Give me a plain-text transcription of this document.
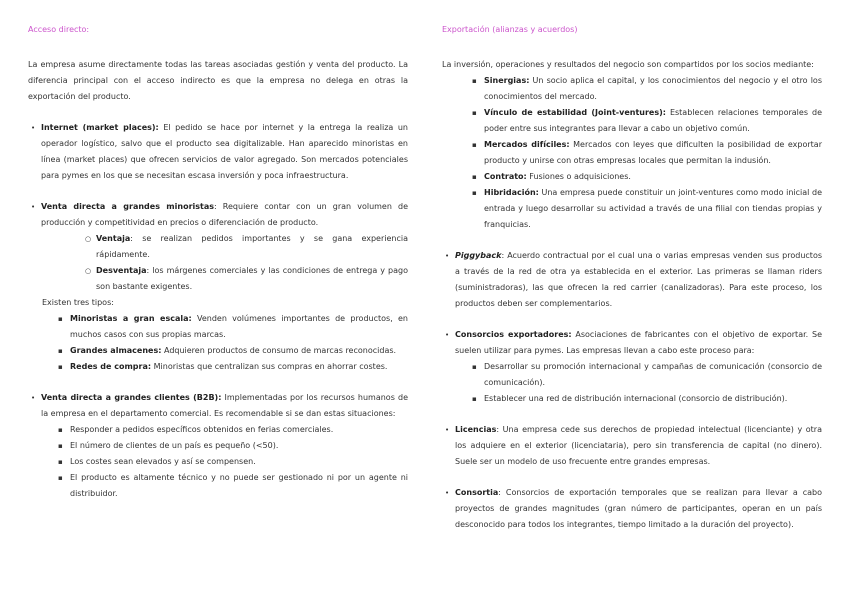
Acceso directo:

La empresa asume directamente todas las tareas asociadas gestión y venta del producto. La diferencia principal con el acceso indirecto es que la empresa no delega en otras la exportación del producto.

• Internet (market places): El pedido se hace por internet y la entrega la realiza un operador logístico, salvo que el producto sea digitalizable. Han aparecido minoristas en línea (market places) que ofrecen servicios de valor agregado. Son mercados potenciales para pymes en los que se necesitan escasa inversión y poca infraestructura.
• Venta directa a grandes minoristas: Requiere contar con un gran volumen de producción y competitividad en precios o diferenciación de producto.
○ Ventaja: se realizan pedidos importantes y se gana experiencia rápidamente.
○ Desventaja: los márgenes comerciales y las condiciones de entrega y pago son bastante exigentes.
Existen tres tipos:
▪ Minoristas a gran escala: Venden volúmenes importantes de productos, en muchos casos con sus propias marcas.
▪ Grandes almacenes: Adquieren productos de consumo de marcas reconocidas.
▪ Redes de compra: Minoristas que centralizan sus compras en ahorrar costes.
• Venta directa a grandes clientes (B2B): Implementadas por los recursos humanos de la empresa en el departamento comercial. Es recomendable si se dan estas situaciones:
▪ Responder a pedidos específicos obtenidos en ferias comerciales.
▪ El número de clientes de un país es pequeño (<50).
▪ Los costes sean elevados y así se compensen.
▪ El producto es altamente técnico y no puede ser gestionado ni por un agente ni distribuidor.
Exportación (alianzas y acuerdos)

La inversión, operaciones y resultados del negocio son compartidos por los socios mediante:

▪ Sinergias: Un socio aplica el capital, y los conocimientos del negocio y el otro los conocimientos del mercado.
▪ Vínculo de estabilidad (Joint-ventures): Establecen relaciones temporales de poder entre sus integrantes para llevar a cabo un objetivo común.
▪ Mercados difíciles: Mercados con leyes que dificulten la posibilidad de exportar producto y unirse con otras empresas locales que permitan la indusión.
▪ Contrato: Fusiones o adquisiciones.
▪ Hibridación: Una empresa puede constituir un joint-ventures como modo inicial de entrada y luego desarrollar su actividad a través de una filial con tiendas propias y franquicias.
• Piggyback: Acuerdo contractual por el cual una o varias empresas venden sus productos a través de la red de otra ya establecida en el exterior. Las primeras se llaman riders (suministradoras), las que ofrecen la red carrier (canalizadoras). Para este proceso, los productos deben ser complementarios.
• Consorcios exportadores: Asociaciones de fabricantes con el objetivo de exportar. Se suelen utilizar para pymes. Las empresas llevan a cabo este proceso para:
▪ Desarrollar su promoción internacional y campañas de comunicación (consorcio de comunicación).
▪ Establecer una red de distribución internacional (consorcio de distribución).
• Licencias: Una empresa cede sus derechos de propiedad intelectual (licenciante) y otra los adquiere en el exterior (licenciataria), pero sin transferencia de capital (no dinero). Suele ser un modelo de uso frecuente entre grandes empresas.
• Consortia: Consorcios de exportación temporales que se realizan para llevar a cabo proyectos de grandes magnitudes (gran número de participantes, operan en un país desconocido para todos los integrantes, tiempo limitado a la duración del proyecto).
